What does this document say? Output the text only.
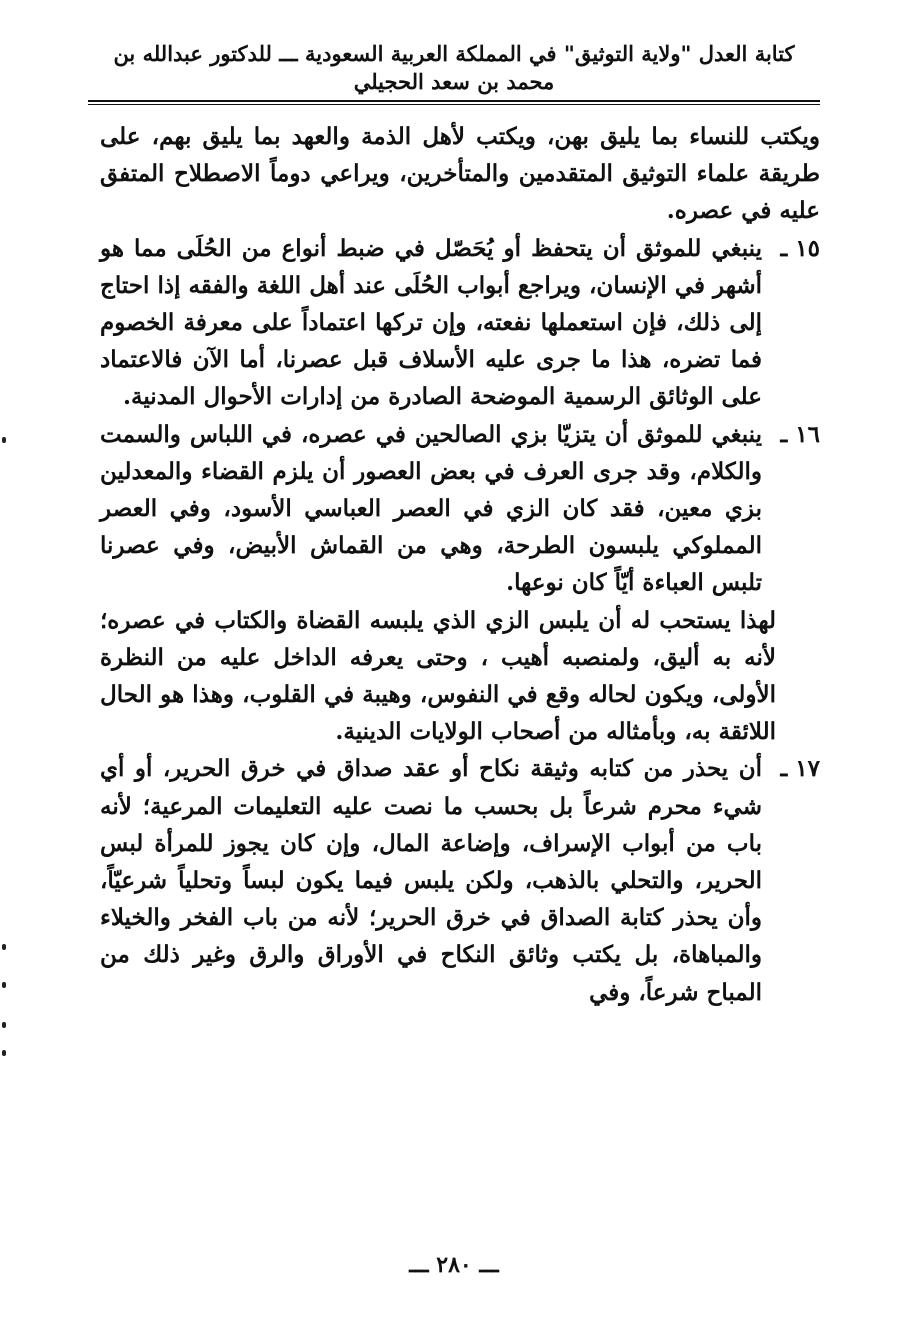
كتابة العدل "ولاية التوثيق" في المملكة العربية السعودية ـــ للدكتور عبدالله بن محمد بن سعد الحجيلي

ويكتب للنساء بما يليق بهن، ويكتب لأهل الذمة والعهد بما يليق بهم، على طريقة علماء التوثيق المتقدمين والمتأخرين، ويراعي دوماً الاصطلاح المتفق عليه في عصره.

١٥ ـ
ينبغي للموثق أن يتحفظ أو يُحَصّل في ضبط أنواع من الحُلَى مما هو أشهر في الإنسان، ويراجع أبواب الحُلَى عند أهل اللغة والفقه إذا احتاج إلى ذلك، فإن استعملها نفعته، وإن تركها اعتماداً على معرفة الخصوم فما تضره، هذا ما جرى عليه الأسلاف قبل عصرنا، أما الآن فالاعتماد على الوثائق الرسمية الموضحة الصادرة من إدارات الأحوال المدنية.
١٦ ـ
ينبغي للموثق أن يتزيّا بزي الصالحين في عصره، في اللباس والسمت والكلام، وقد جرى العرف في بعض العصور أن يلزم القضاء والمعدلين بزي معين، فقد كان الزي في العصر العباسي الأسود، وفي العصر المملوكي يلبسون الطرحة، وهي من القماش الأبيض، وفي عصرنا تلبس العباءة أيّاً كان نوعها.

لهذا يستحب له أن يلبس الزي الذي يلبسه القضاة والكتاب في عصره؛ لأنه به أليق، ولمنصبه أهيب ، وحتى يعرفه الداخل عليه من النظرة الأولى، ويكون لحاله وقع في النفوس، وهيبة في القلوب، وهذا هو الحال اللائقة به، وبأمثاله من أصحاب الولايات الدينية.

١٧ ـ
أن يحذر من كتابه وثيقة نكاح أو عقد صداق في خرق الحرير، أو أي شيء محرم شرعاً بل بحسب ما نصت عليه التعليمات المرعية؛ لأنه باب من أبواب الإسراف، وإضاعة المال، وإن كان يجوز للمرأة لبس الحرير، والتحلي بالذهب، ولكن يلبس فيما يكون لبساً وتحلياً شرعيّاً، وأن يحذر كتابة الصداق في خرق الحرير؛ لأنه من باب الفخر والخيلاء والمباهاة، بل يكتب وثائق النكاح في الأوراق والرق وغير ذلك من المباح شرعاً، وفي
ـــ ٢٨٠ ـــ
